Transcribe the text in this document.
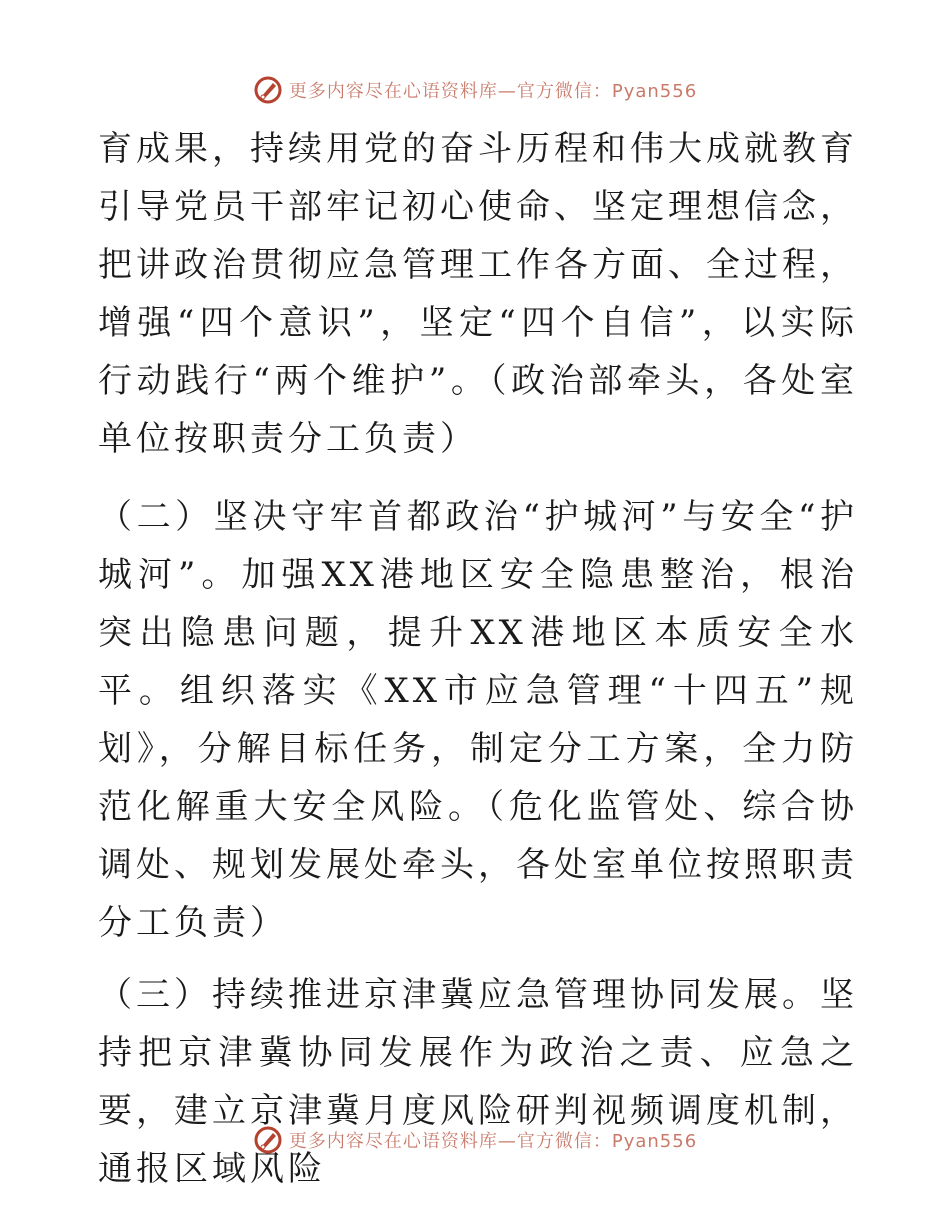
更多内容尽在心语资料库—官方微信：Pyan556

育成果，持续用党的奋斗历程和伟大成就教育引导党员干部牢记初心使命、坚定理想信念，把讲政治贯彻应急管理工作各方面、全过程，增强“四个意识”，坚定“四个自信”，以实际行动践行“两个维护”。（政治部牵头，各处室单位按职责分工负责）

（二）坚决守牢首都政治“护城河”与安全“护城河”。加强XX港地区安全隐患整治，根治突出隐患问题，提升XX港地区本质安全水平。组织落实《XX市应急管理“十四五”规划》，分解目标任务，制定分工方案，全力防范化解重大安全风险。（危化监管处、综合协调处、规划发展处牵头，各处室单位按照职责分工负责）

（三）持续推进京津冀应急管理协同发展。坚持把京津冀协同发展作为政治之责、应急之要，建立京津冀月度风险研判视频调度机制，通报区域风险

更多内容尽在心语资料库—官方微信：Pyan556
